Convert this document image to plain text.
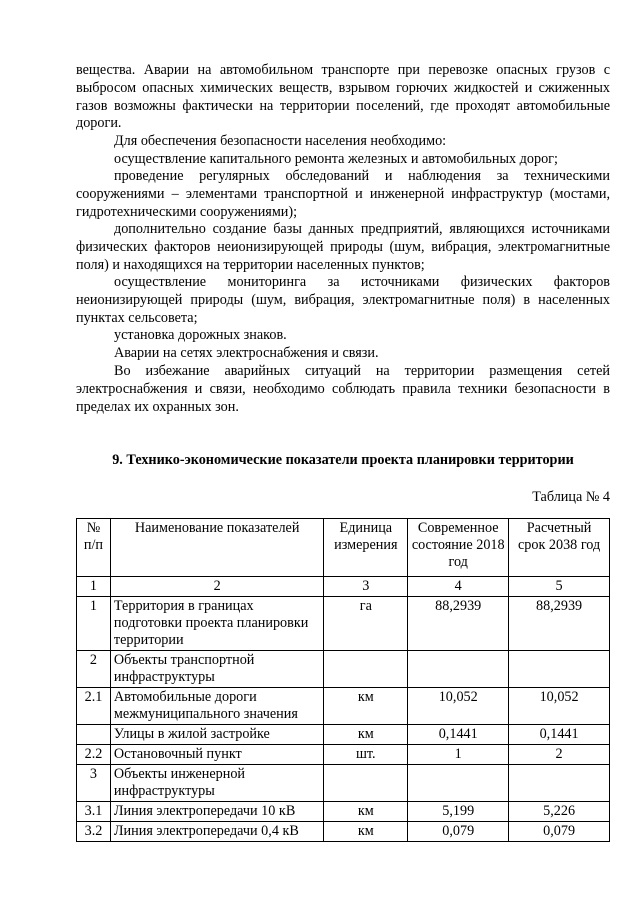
вещества. Аварии на автомобильном транспорте при перевозке опасных грузов с выбросом опасных химических веществ, взрывом горючих жидкостей и сжиженных газов возможны фактически на территории поселений, где проходят автомобильные дороги.
Для обеспечения безопасности населения необходимо:
осуществление капитального ремонта железных и автомобильных дорог;
проведение регулярных обследований и наблюдения за техническими сооружениями – элементами транспортной и инженерной инфраструктур (мостами, гидротехническими сооружениями);
дополнительно создание базы данных предприятий, являющихся источниками физических факторов неионизирующей природы (шум, вибрация, электромагнитные поля) и находящихся на территории населенных пунктов;
осуществление мониторинга за источниками физических факторов неионизирующей природы (шум, вибрация, электромагнитные поля) в населенных пунктах сельсовета;
установка дорожных знаков.
Аварии на сетях электроснабжения и связи.
Во избежание аварийных ситуаций на территории размещения сетей электроснабжения и связи, необходимо соблюдать правила техники безопасности в пределах их охранных зон.
9. Технико-экономические показатели проекта планировки территории
Таблица № 4
№ п/п	Наименование показателей	Единица измерения	Современное состояние 2018 год	Расчетный срок 2038 год
1	2	3	4	5
1	Территория в границах подготовки проекта планировки территории	га	88,2939	88,2939
2	Объекты транспортной инфраструктуры			
2.1	Автомобильные дороги межмуниципального значения	км	10,052	10,052
	Улицы в жилой застройке	км	0,1441	0,1441
2.2	Остановочный пункт	шт.	1	2
3	Объекты инженерной инфраструктуры			
3.1	Линия электропередачи 10 кВ	км	5,199	5,226
3.2	Линия электропередачи 0,4 кВ	км	0,079	0,079
